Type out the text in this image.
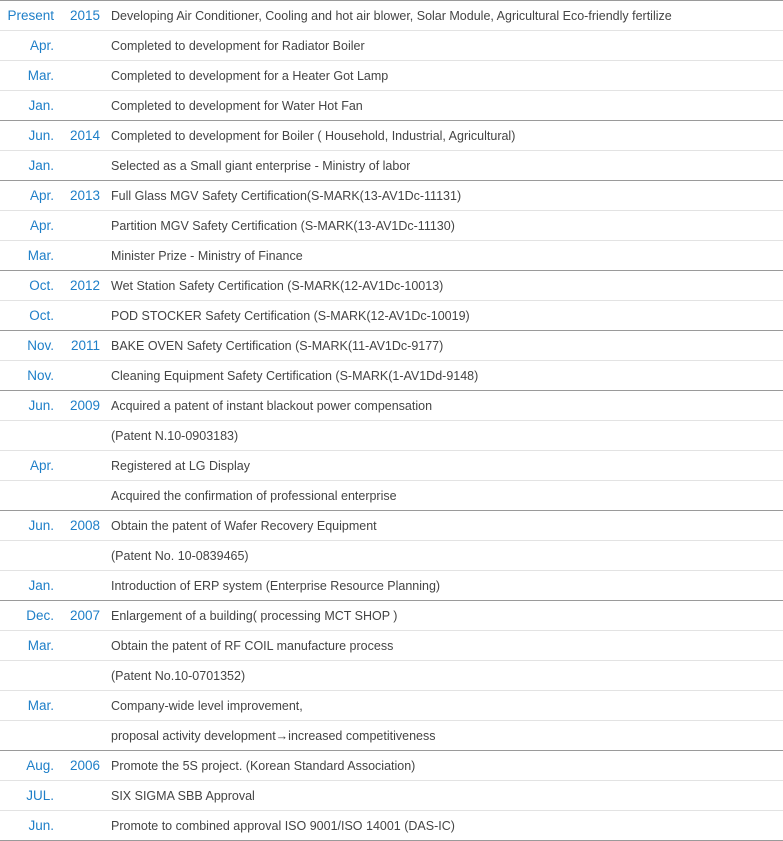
Present	2015 Developing Air Conditioner, Cooling and hot air blower, Solar Module, Agricultural Eco-friendly fertilize
Apr.	Completed to development for Radiator Boiler
Mar.	Completed to development for a Heater Got Lamp
Jan.	Completed to development for Water Hot Fan
Jun.	2014 Completed to development for Boiler ( Household, Industrial, Agricultural)
Jan.	Selected as a Small giant enterprise - Ministry of labor
Apr.	2013 Full Glass MGV Safety Certification(S-MARK(13-AV1Dc-11131)
Apr.	Partition MGV Safety Certification (S-MARK(13-AV1Dc-11130)
Mar.	Minister Prize - Ministry of Finance
Oct.	2012 Wet Station Safety Certification (S-MARK(12-AV1Dc-10013)
Oct.	POD STOCKER Safety Certification (S-MARK(12-AV1Dc-10019)
Nov.	2011 BAKE OVEN Safety Certification (S-MARK(11-AV1Dc-9177)
Nov.	Cleaning Equipment Safety Certification (S-MARK(1-AV1Dd-9148)
Jun.	2009 Acquired a patent of instant blackout power compensation
(Patent N.10-0903183)
Apr.	Registered at LG Display
Acquired the confirmation of professional enterprise
Jun.	2008 Obtain the patent of Wafer Recovery Equipment
(Patent No. 10-0839465)
Jan.	Introduction of ERP system (Enterprise Resource Planning)
Dec.	2007 Enlargement of a building( processing MCT SHOP )
Mar.	Obtain the patent of RF COIL manufacture process
(Patent No.10-0701352)
Mar.	Company-wide level improvement,
proposal activity development→increased competitiveness
Aug.	2006 Promote the 5S project. (Korean Standard Association)
JUL.	SIX SIGMA SBB Approval
Jun.	Promote to combined approval ISO 9001/ISO 14001 (DAS-IC)
